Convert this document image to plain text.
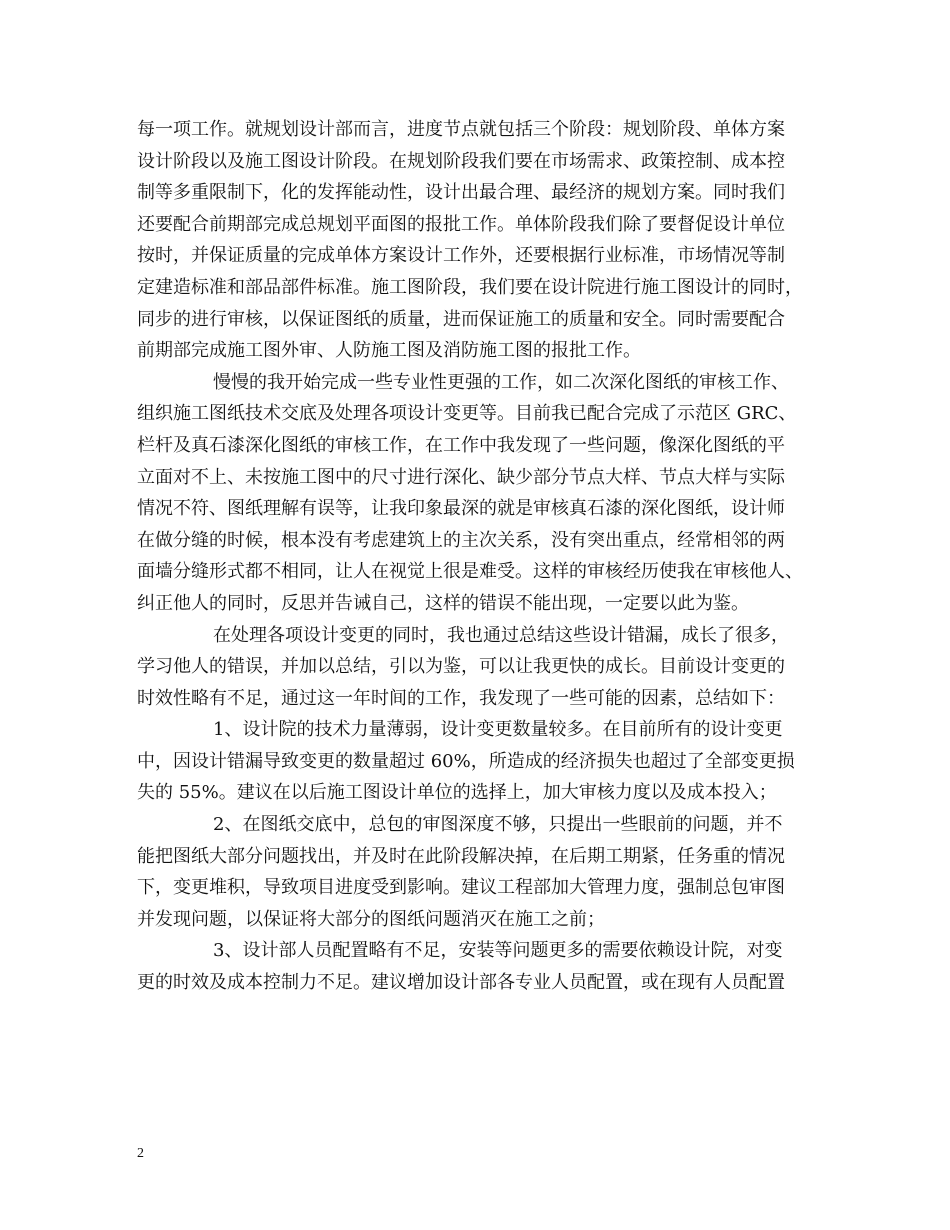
每一项工作。就规划设计部而言，进度节点就包括三个阶段：规划阶段、单体方案
设计阶段以及施工图设计阶段。在规划阶段我们要在市场需求、政策控制、成本控
制等多重限制下，化的发挥能动性，设计出最合理、最经济的规划方案。同时我们
还要配合前期部完成总规划平面图的报批工作。单体阶段我们除了要督促设计单位
按时，并保证质量的完成单体方案设计工作外，还要根据行业标准，市场情况等制
定建造标准和部品部件标准。施工图阶段，我们要在设计院进行施工图设计的同时，
同步的进行审核，以保证图纸的质量，进而保证施工的质量和安全。同时需要配合
前期部完成施工图外审、人防施工图及消防施工图的报批工作。
慢慢的我开始完成一些专业性更强的工作，如二次深化图纸的审核工作、
组织施工图纸技术交底及处理各项设计变更等。目前我已配合完成了示范区 GRC、
栏杆及真石漆深化图纸的审核工作，在工作中我发现了一些问题，像深化图纸的平
立面对不上、未按施工图中的尺寸进行深化、缺少部分节点大样、节点大样与实际
情况不符、图纸理解有误等，让我印象最深的就是审核真石漆的深化图纸，设计师
在做分缝的时候，根本没有考虑建筑上的主次关系，没有突出重点，经常相邻的两
面墙分缝形式都不相同，让人在视觉上很是难受。这样的审核经历使我在审核他人、
纠正他人的同时，反思并告诫自己，这样的错误不能出现，一定要以此为鉴。
在处理各项设计变更的同时，我也通过总结这些设计错漏，成长了很多，
学习他人的错误，并加以总结，引以为鉴，可以让我更快的成长。目前设计变更的
时效性略有不足，通过这一年时间的工作，我发现了一些可能的因素，总结如下：
1、设计院的技术力量薄弱，设计变更数量较多。在目前所有的设计变更
中，因设计错漏导致变更的数量超过 60%，所造成的经济损失也超过了全部变更损
失的 55%。建议在以后施工图设计单位的选择上，加大审核力度以及成本投入；
2、在图纸交底中，总包的审图深度不够，只提出一些眼前的问题，并不
能把图纸大部分问题找出，并及时在此阶段解决掉，在后期工期紧，任务重的情况
下，变更堆积，导致项目进度受到影响。建议工程部加大管理力度，强制总包审图
并发现问题，以保证将大部分的图纸问题消灭在施工之前；
3、设计部人员配置略有不足，安装等问题更多的需要依赖设计院，对变
更的时效及成本控制力不足。建议增加设计部各专业人员配置，或在现有人员配置
2
